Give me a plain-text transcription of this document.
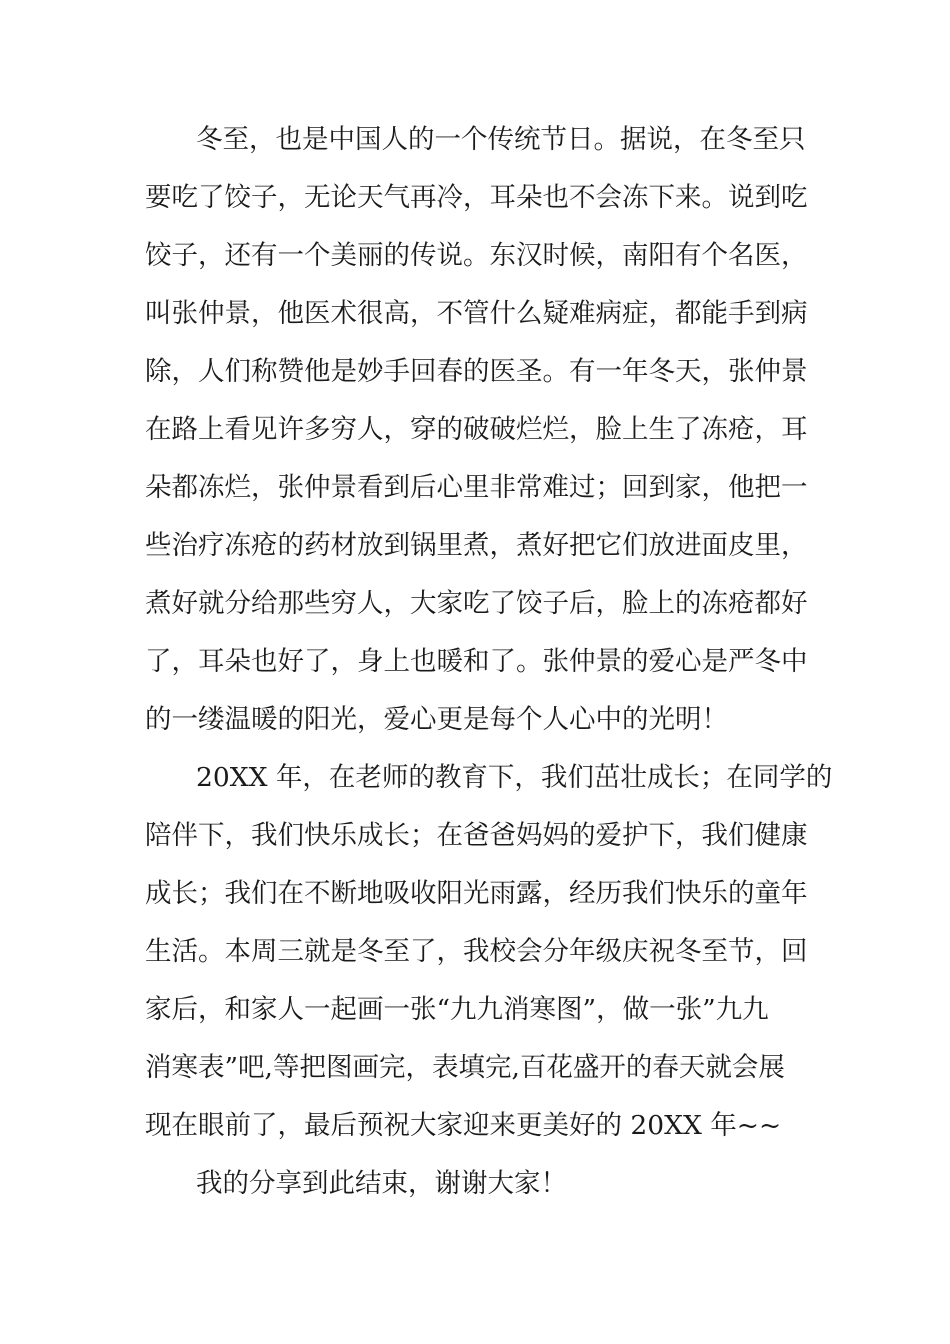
冬至，也是中国人的一个传统节日。据说，在冬至只

要吃了饺子，无论天气再冷，耳朵也不会冻下来。说到吃

饺子，还有一个美丽的传说。东汉时候，南阳有个名医，

叫张仲景，他医术很高，不管什么疑难病症，都能手到病

除，人们称赞他是妙手回春的医圣。有一年冬天，张仲景

在路上看见许多穷人，穿的破破烂烂，脸上生了冻疮，耳

朵都冻烂，张仲景看到后心里非常难过；回到家，他把一

些治疗冻疮的药材放到锅里煮，煮好把它们放进面皮里，

煮好就分给那些穷人，大家吃了饺子后，脸上的冻疮都好

了，耳朵也好了，身上也暖和了。张仲景的爱心是严冬中

的一缕温暖的阳光，爱心更是每个人心中的光明！

20XX 年，在老师的教育下，我们茁壮成长；在同学的

陪伴下，我们快乐成长；在爸爸妈妈的爱护下，我们健康

成长；我们在不断地吸收阳光雨露，经历我们快乐的童年

生活。本周三就是冬至了，我校会分年级庆祝冬至节，回

家后，和家人一起画一张“九九消寒图”，做一张”九九

消寒表”吧,等把图画完，表填完,百花盛开的春天就会展

现在眼前了，最后预祝大家迎来更美好的 20XX 年~~

我的分享到此结束，谢谢大家！
